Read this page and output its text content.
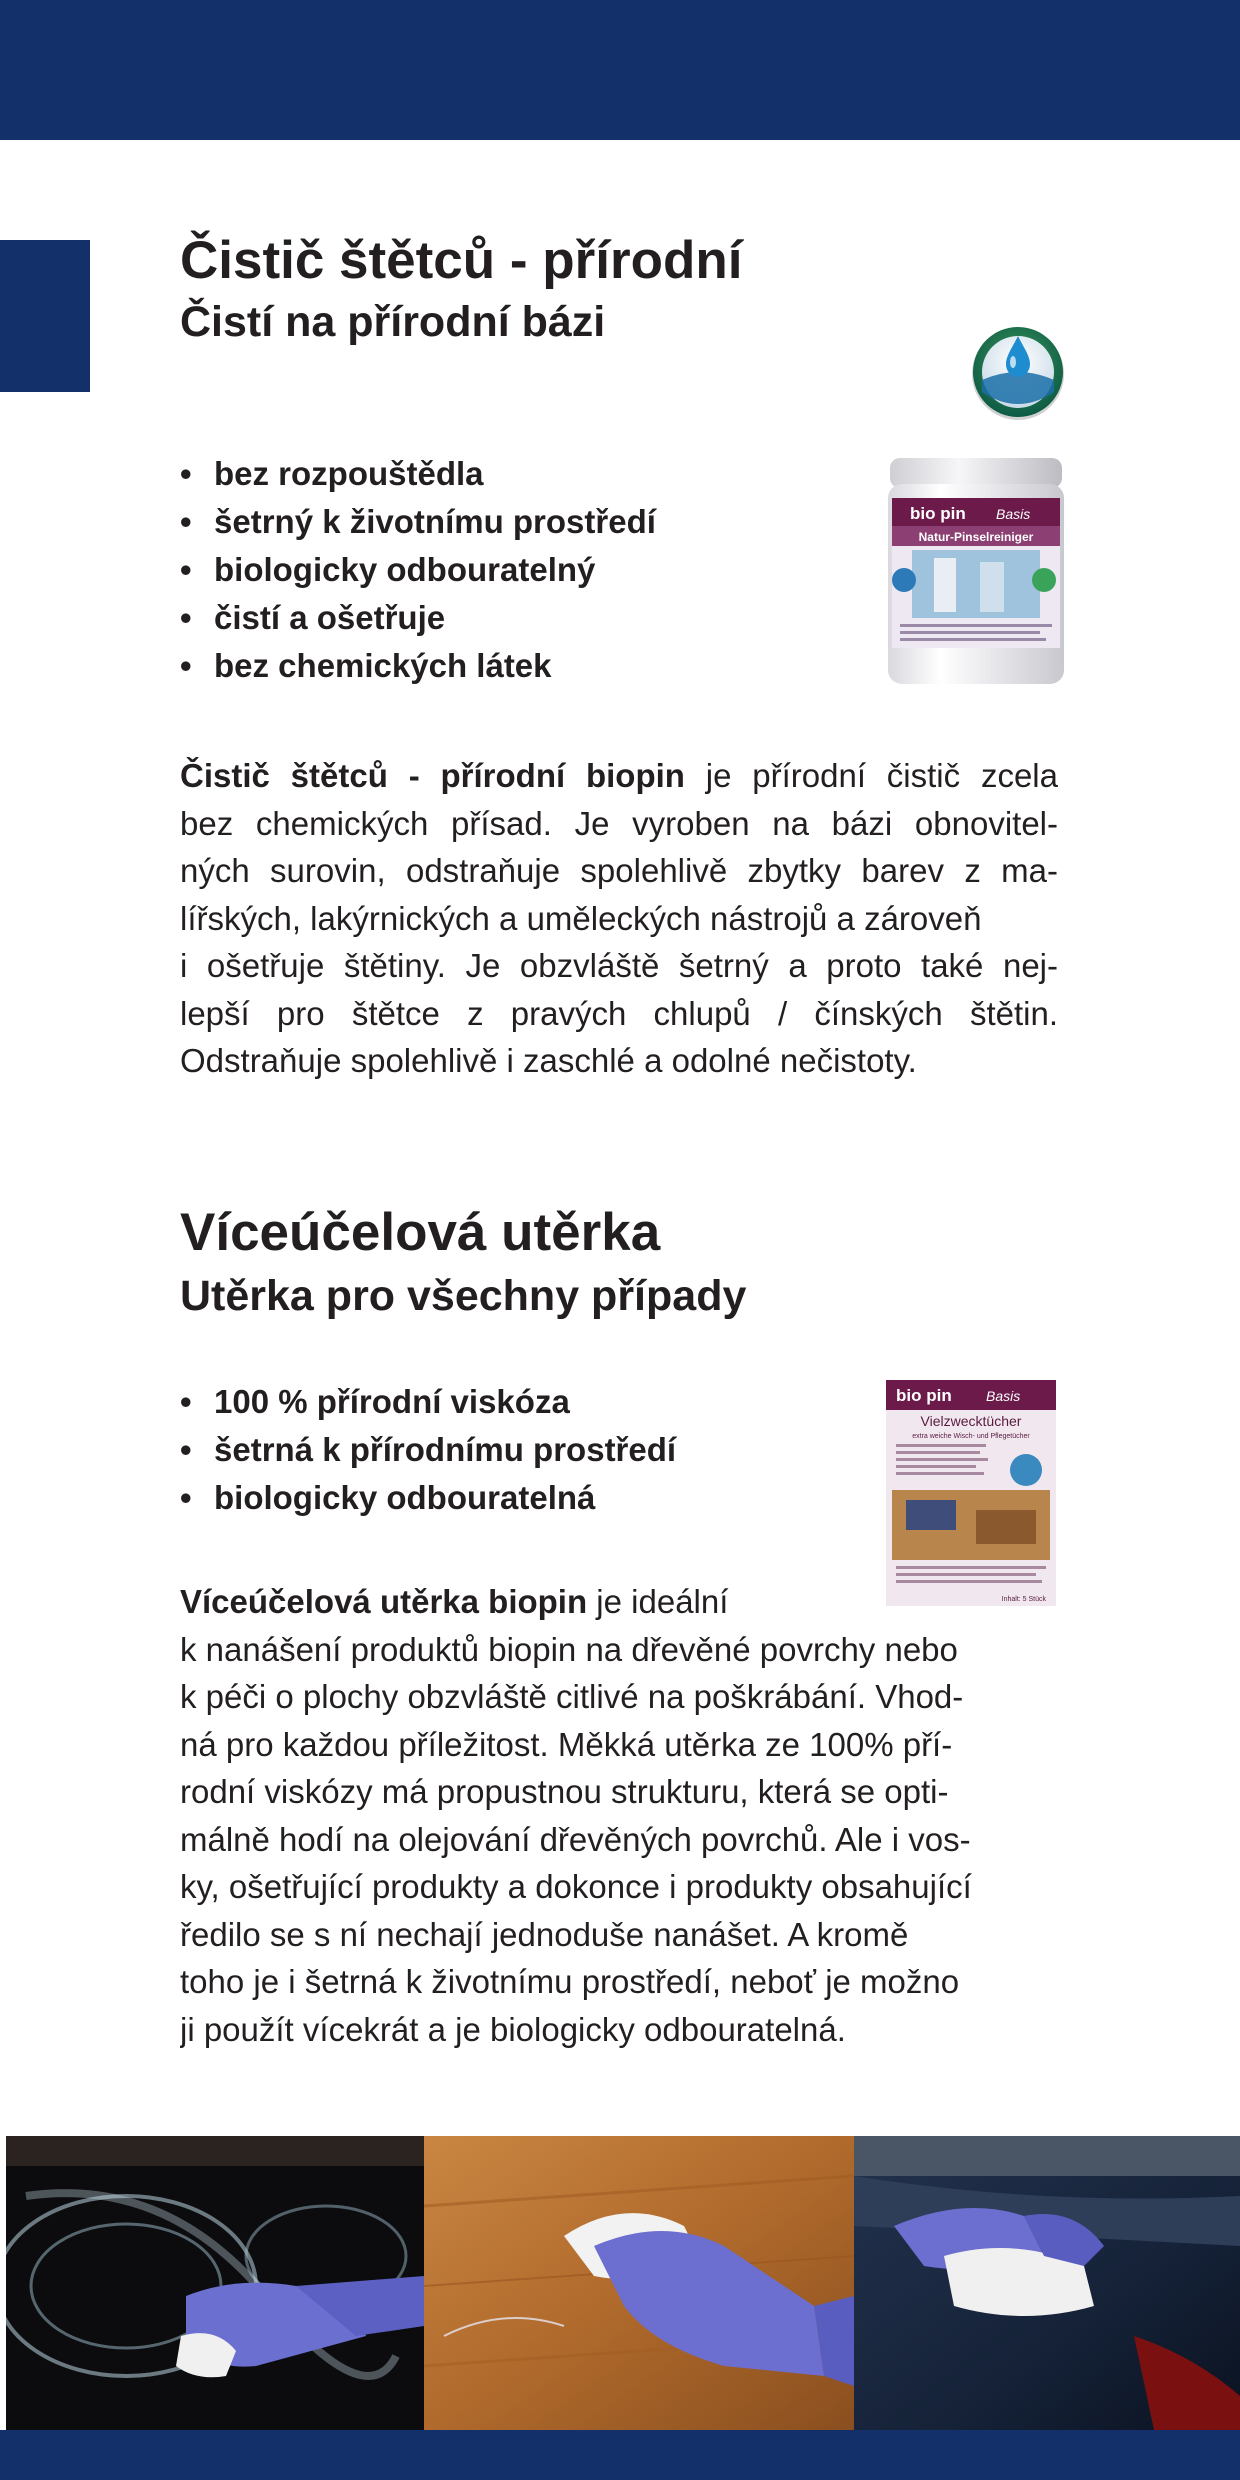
Čistič štětců - přírodní
Čistí na přírodní bázi
• bez rozpouštědla
• šetrný k životnímu prostředí
• biologicky odbouratelný
• čistí a ošetřuje
• bez chemických látek
bio pin Basis
Natur-Pinselreiniger
Čistič štětců - přírodní biopin je přírodní čistič zcela
bez chemických přísad. Je vyroben na bázi obnovitel-
ných surovin, odstraňuje spolehlivě zbytky barev z ma-
lířských, lakýrnických a uměleckých nástrojů a zároveň
i ošetřuje štětiny. Je obzvláště šetrný a proto také nej-
lepší pro štětce z pravých chlupů / čínských štětin.
Odstraňuje spolehlivě i zaschlé a odolné nečistoty.
Víceúčelová utěrka
Utěrka pro všechny případy
• 100 % přírodní viskóza
• šetrná k přírodnímu prostředí
• biologicky odbouratelná
bio pin Basis
Vielzwecktücher
extra weiche Wisch- und Pflegetücher
Inhalt: 5 Stück
Víceúčelová utěrka biopin je ideální
k nanášení produktů biopin na dřevěné povrchy nebo
k péči o plochy obzvláště citlivé na poškrábání. Vhod-
ná pro každou příležitost. Měkká utěrka ze 100% pří-
rodní viskózy má propustnou strukturu, která se opti-
málně hodí na olejování dřevěných povrchů. Ale i vos-
ky, ošetřující produkty a dokonce i produkty obsahující
ředilo se s ní nechají jednoduše nanášet. A kromě
toho je i šetrná k životnímu prostředí, neboť je možno
ji použít vícekrát a je biologicky odbouratelná.
